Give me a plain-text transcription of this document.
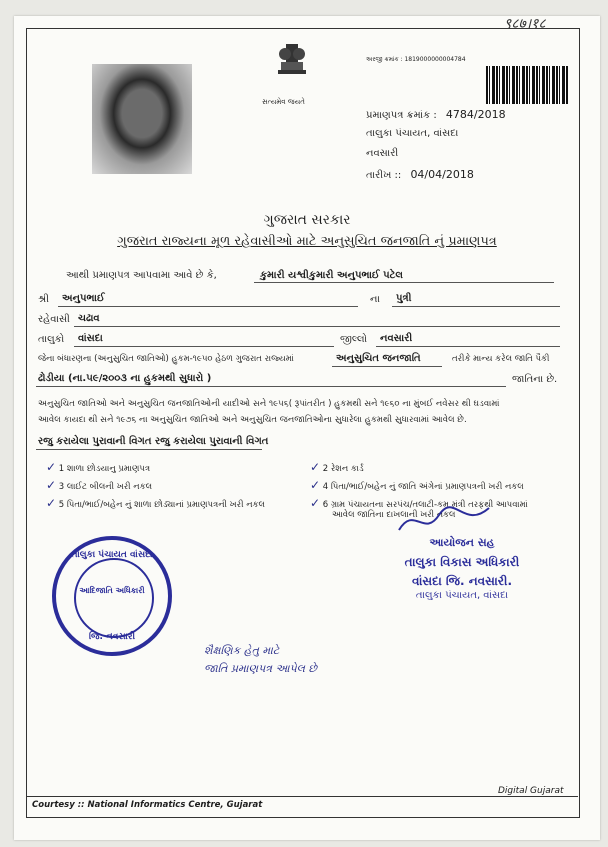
९८७।१८
સત્યમેવ જયતે
અરજી ક્રમાંક : 1819000000004784
પ્રમાણપત્ર ક્રમાંક : 4784/2018
તાલુકા પંચાયત, વાંસદા
નવસારી
તારીખ :: 04/04/2018
ગુજરાત સરકાર
ગુજરાત રાજ્યના મૂળ રહેવાસીઓ માટે અનુસુચિત જનજાતિ નું પ્રમાણપત્ર
આથી પ્રમાણપત્ર આપવામા આવે છે કે,	કુમારી યશ્વીકુમારી અનુપભાઈ પટેલ
શ્રી અનુપભાઈ	ના પુત્રી
રહેવાસી ચઢાવ
તાલુકો વાંસદા	જીલ્લો નવસારી
જેના બંધારણના (અનુસુચિત જાતિઓ) હુકમ-૧૯૫૦ હેઠળ ગુજરાત રાજ્યમાં	અનુસુચિત જનજાતિ	તરીકે માન્ય કરેલ જાતિ પૈકી
ઢોડીયા (ના.૫૯/૨૦૦૩ ના હુકમથી સુધારો )	જાતિના છે.
અનુસુચિત જાતિઓ અને અનુસુચિત જનજાતિઓની યાદીઓ સને ૧૯૫૬( રૂપાંતરીત ) હુકમથી સને ૧૯૬૦ ના મુંબઈ નવેસર થી ઘડવામાં
આવેલ કાયદા થી સને ૧૯૭૬ ના અનુસુચિત જાતિઓ અને અનુસુચિત જનજાતિઓના સુધારેલા હુકમથી સુધારવામાં આવેલ છે.
રજુ કરાયેલા પુરાવાની વિગત રજુ કરાયેલા પુરાવાની વિગત
✓ 1 શાળા છોડયાનુ પ્રમાણપત્ર
✓ 3 લાઈટ બીલની ખરી નકલ
✓ 5 પિતા/ભાઈ/બહેન નું શાળા છોડ્યાનાં પ્રમાણપત્રની ખરી નકલ
✓ 2 રેશન કાર્ડ
✓ 4 પિતા/ભાઈ/બહેન નું જાતિ અંગેનાં પ્રમાણપત્રની ખરી નકલ
✓ 6 ગ્રામ પંચાયતના સરપંચ/તલાટી-કમ મંત્રી તરફથી આપવામાં
આવેલ જાતિના દાખલાની ખરી નકલ
આયોજન સહ
તાલુકા વિકાસ અધિકારી
વાંસદા જિ. નવસારી.
તાલુકા પંચાયત, વાંસદા
તાલુકા પંચાયત વાંસદા
આદિજાતિ અધિકારી
જિ. નવસારી
શૈક્ષણિક હેતુ માટે
જાતિ પ્રમાણપત્ર આપેલ છે
Courtesy :: National Informatics Centre, Gujarat
Digital Gujarat
